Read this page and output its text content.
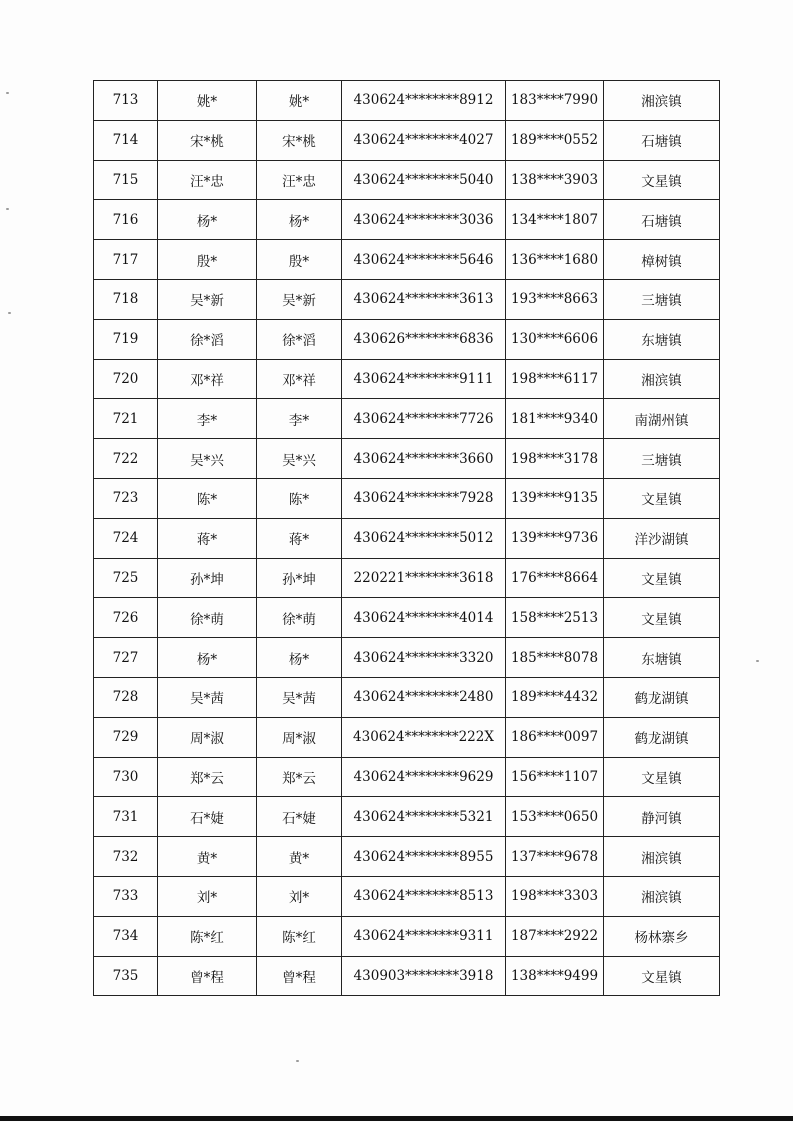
713	姚*	姚*	430624********8912	183****7990	湘滨镇
714	宋*桃	宋*桃	430624********4027	189****0552	石塘镇
715	汪*忠	汪*忠	430624********5040	138****3903	文星镇
716	杨*	杨*	430624********3036	134****1807	石塘镇
717	殷*	殷*	430624********5646	136****1680	樟树镇
718	吴*新	吴*新	430624********3613	193****8663	三塘镇
719	徐*滔	徐*滔	430626********6836	130****6606	东塘镇
720	邓*祥	邓*祥	430624********9111	198****6117	湘滨镇
721	李*	李*	430624********7726	181****9340	南湖州镇
722	吴*兴	吴*兴	430624********3660	198****3178	三塘镇
723	陈*	陈*	430624********7928	139****9135	文星镇
724	蒋*	蒋*	430624********5012	139****9736	洋沙湖镇
725	孙*坤	孙*坤	220221********3618	176****8664	文星镇
726	徐*萌	徐*萌	430624********4014	158****2513	文星镇
727	杨*	杨*	430624********3320	185****8078	东塘镇
728	吴*茜	吴*茜	430624********2480	189****4432	鹤龙湖镇
729	周*淑	周*淑	430624********222X	186****0097	鹤龙湖镇
730	郑*云	郑*云	430624********9629	156****1107	文星镇
731	石*婕	石*婕	430624********5321	153****0650	静河镇
732	黄*	黄*	430624********8955	137****9678	湘滨镇
733	刘*	刘*	430624********8513	198****3303	湘滨镇
734	陈*红	陈*红	430624********9311	187****2922	杨林寨乡
735	曾*程	曾*程	430903********3918	138****9499	文星镇
